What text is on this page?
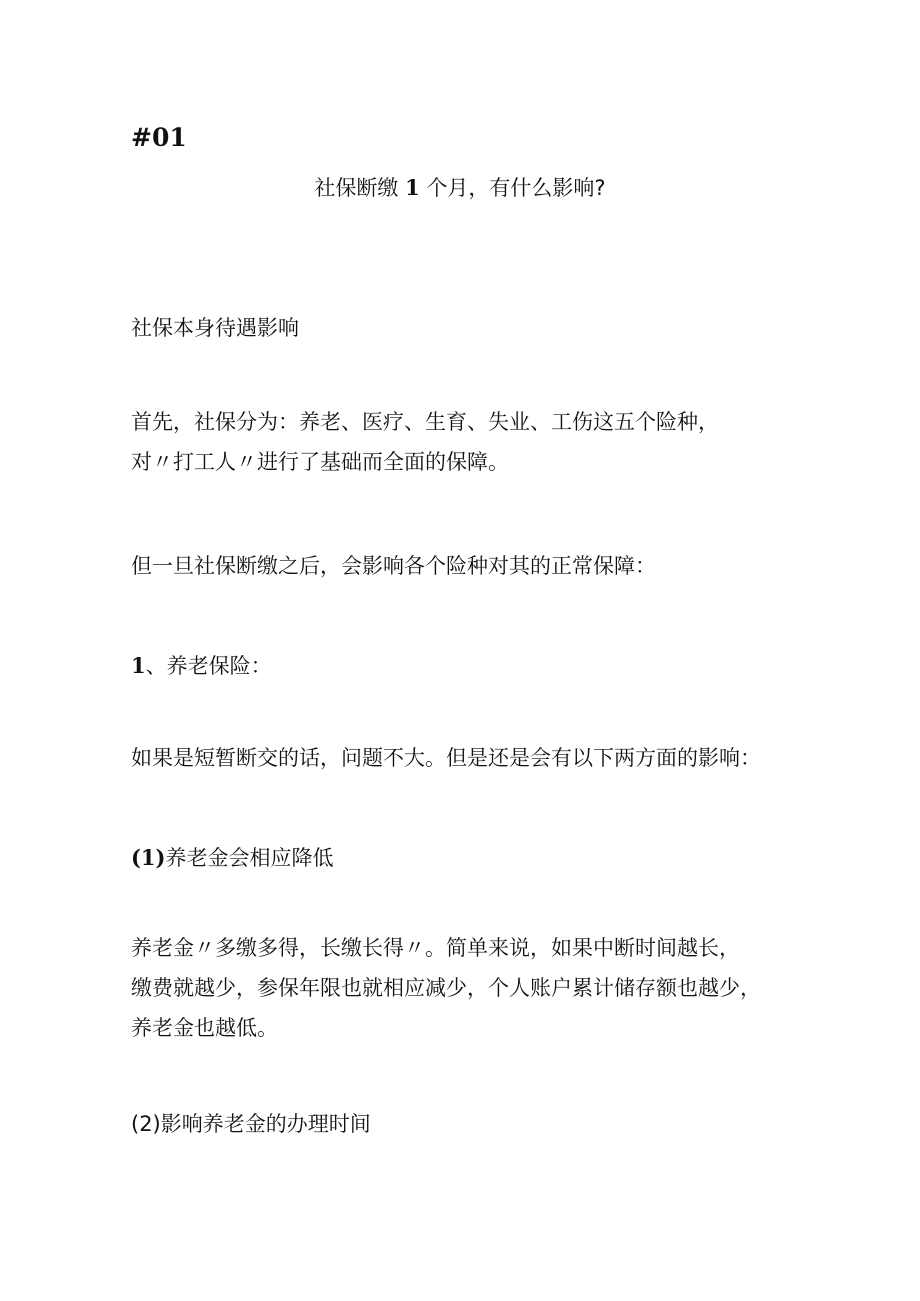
#01
社保断缴 1 个月，有什么影响?
社保本身待遇影响
首先，社保分为：养老、医疗、生育、失业、工伤这五个险种，
对〃打工人〃进行了基础而全面的保障。
但一旦社保断缴之后，会影响各个险种对其的正常保障：
1、养老保险：
如果是短暂断交的话，问题不大。但是还是会有以下两方面的影响：
(1)养老金会相应降低
养老金〃多缴多得，长缴长得〃。简单来说，如果中断时间越长，
缴费就越少，参保年限也就相应减少，个人账户累计储存额也越少，
养老金也越低。
(2)影响养老金的办理时间
